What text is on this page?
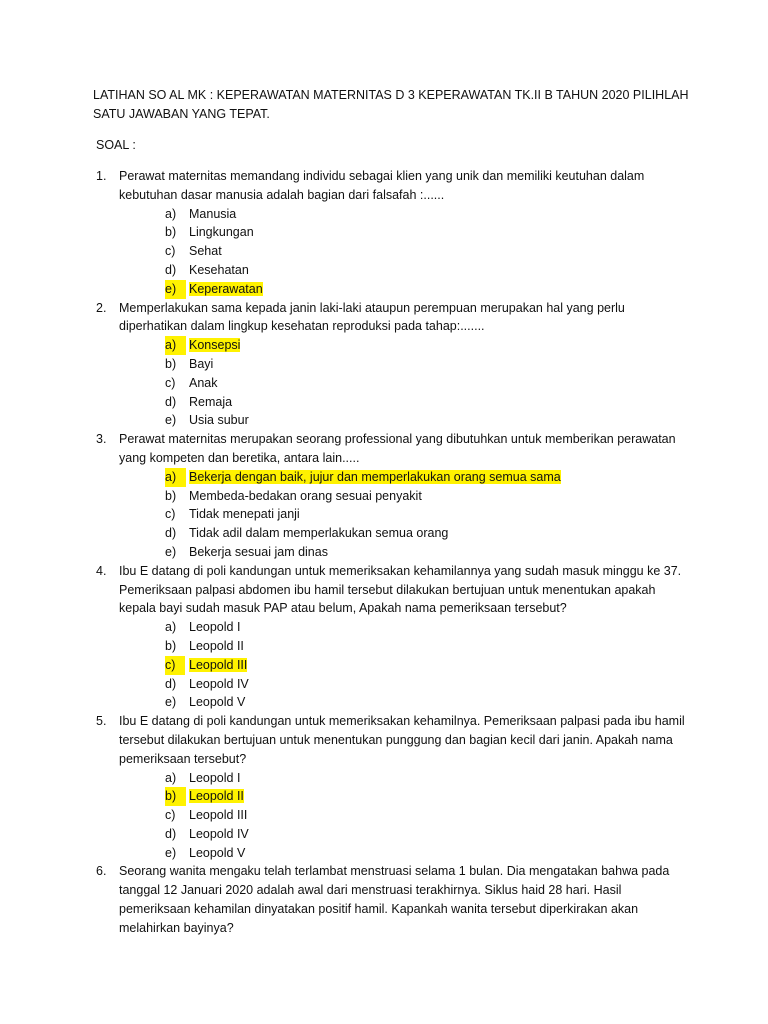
LATIHAN SO AL MK : KEPERAWATAN MATERNITAS D 3 KEPERAWATAN TK.II B TAHUN 2020 PILIHLAH
SATU JAWABAN YANG TEPAT.
SOAL :
1. Perawat maternitas memandang individu sebagai klien yang unik dan memiliki keutuhan dalam kebutuhan dasar manusia adalah bagian dari falsafah :......
a) Manusia
b) Lingkungan
c) Sehat
d) Kesehatan
e)	Keperawatan
2. Memperlakukan sama kepada janin laki-laki ataupun perempuan merupakan hal yang perlu diperhatikan dalam lingkup kesehatan reproduksi pada tahap:.......
a)	Konsepsi
b) Bayi
c) Anak
d) Remaja
e) Usia subur
3. Perawat maternitas merupakan seorang professional yang dibutuhkan untuk memberikan perawatan yang kompeten dan beretika, antara lain.....
a)	Bekerja dengan baik, jujur dan memperlakukan orang semua sama
b) Membeda-bedakan orang sesuai penyakit
c) Tidak menepati janji
d) Tidak adil dalam memperlakukan semua orang
e) Bekerja sesuai jam dinas
4. Ibu E datang di poli kandungan untuk memeriksakan kehamilannya yang sudah masuk minggu ke 37. Pemeriksaan palpasi abdomen ibu hamil tersebut dilakukan bertujuan untuk menentukan apakah kepala bayi sudah masuk PAP atau belum, Apakah nama pemeriksaan tersebut?
a) Leopold I
b) Leopold II
c)	Leopold III
d) Leopold IV
e) Leopold V
5. Ibu E datang di poli kandungan untuk memeriksakan kehamilnya. Pemeriksaan palpasi pada ibu hamil tersebut dilakukan bertujuan untuk menentukan punggung dan bagian kecil dari janin. Apakah nama pemeriksaan tersebut?
a) Leopold I
b)	Leopold II
c) Leopold III
d) Leopold IV
e) Leopold V
6. Seorang wanita mengaku telah terlambat menstruasi selama 1 bulan. Dia mengatakan bahwa pada tanggal 12 Januari 2020 adalah awal dari menstruasi terakhirnya. Siklus haid 28 hari. Hasil pemeriksaan kehamilan dinyatakan positif hamil. Kapankah wanita tersebut diperkirakan akan melahirkan bayinya?
